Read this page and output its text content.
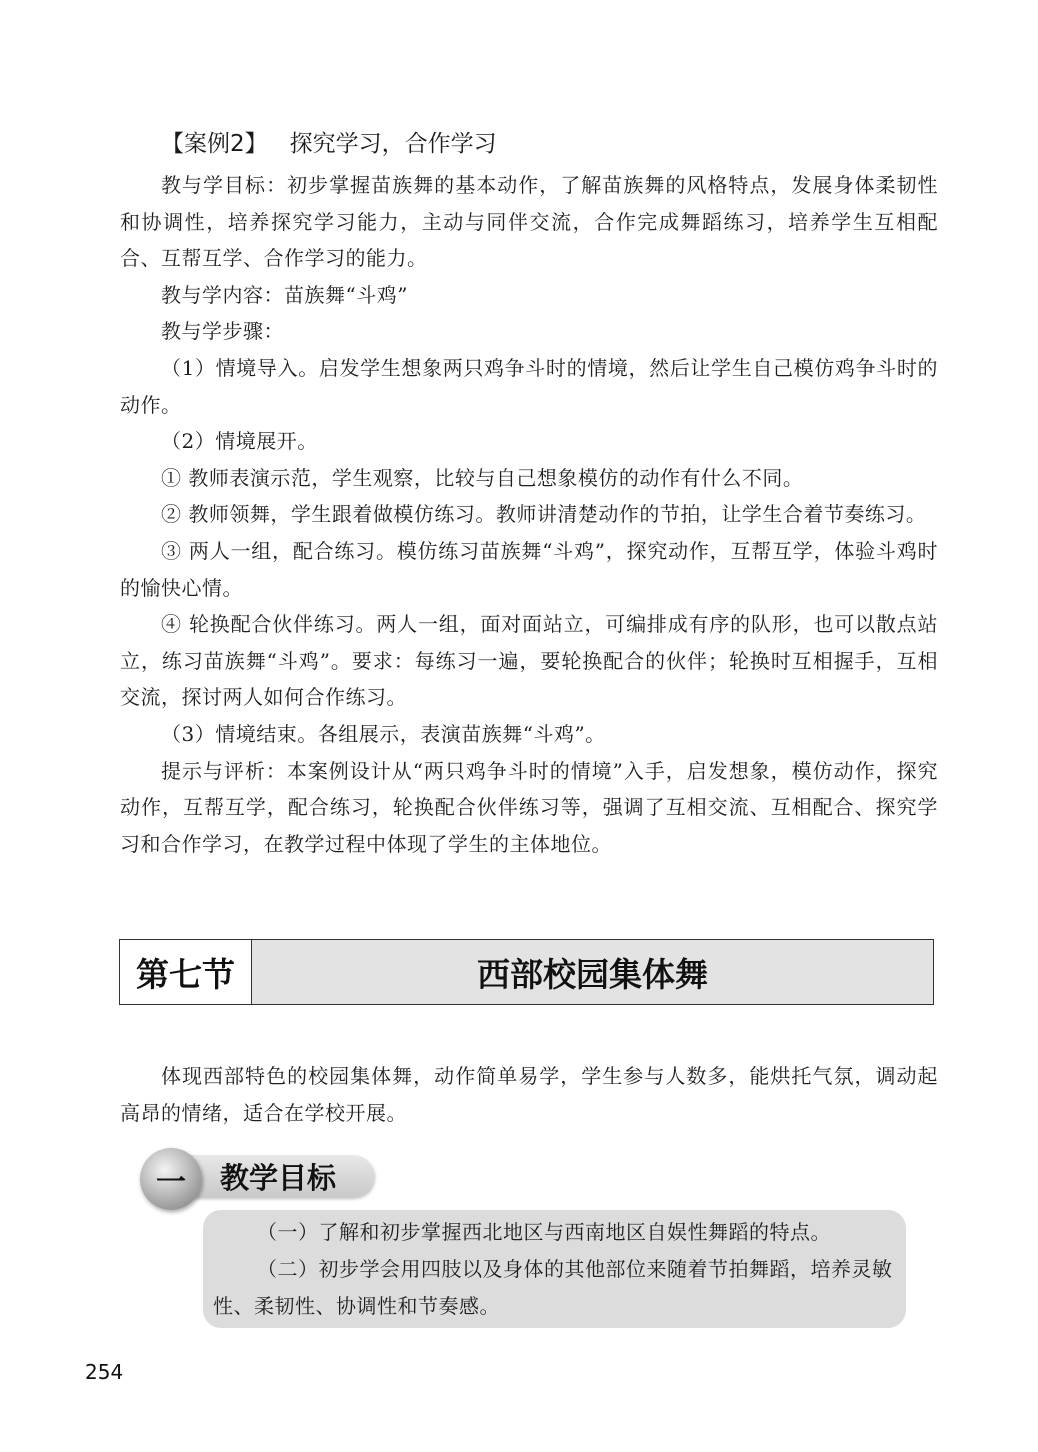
【案例2】 探究学习，合作学习

教与学目标：初步掌握苗族舞的基本动作，了解苗族舞的风格特点，发展身体柔韧性和协调性，培养探究学习能力，主动与同伴交流，合作完成舞蹈练习，培养学生互相配合、互帮互学、合作学习的能力。

教与学内容：苗族舞“斗鸡”

教与学步骤：

（1）情境导入。启发学生想象两只鸡争斗时的情境，然后让学生自己模仿鸡争斗时的动作。

（2）情境展开。

① 教师表演示范，学生观察，比较与自己想象模仿的动作有什么不同。

② 教师领舞，学生跟着做模仿练习。教师讲清楚动作的节拍，让学生合着节奏练习。

③ 两人一组，配合练习。模仿练习苗族舞“斗鸡”，探究动作，互帮互学，体验斗鸡时的愉快心情。

④ 轮换配合伙伴练习。两人一组，面对面站立，可编排成有序的队形，也可以散点站立，练习苗族舞“斗鸡”。要求：每练习一遍，要轮换配合的伙伴；轮换时互相握手，互相交流，探讨两人如何合作练习。

（3）情境结束。各组展示，表演苗族舞“斗鸡”。

提示与评析：本案例设计从“两只鸡争斗时的情境”入手，启发想象，模仿动作，探究动作，互帮互学，配合练习，轮换配合伙伴练习等，强调了互相交流、互相配合、探究学习和合作学习，在教学过程中体现了学生的主体地位。

第七节	西部校园集体舞

体现西部特色的校园集体舞，动作简单易学，学生参与人数多，能烘托气氛，调动起高昂的情绪，适合在学校开展。

一	教学目标

（一）了解和初步掌握西北地区与西南地区自娱性舞蹈的特点。

（二）初步学会用四肢以及身体的其他部位来随着节拍舞蹈，培养灵敏性、柔韧性、协调性和节奏感。

254
